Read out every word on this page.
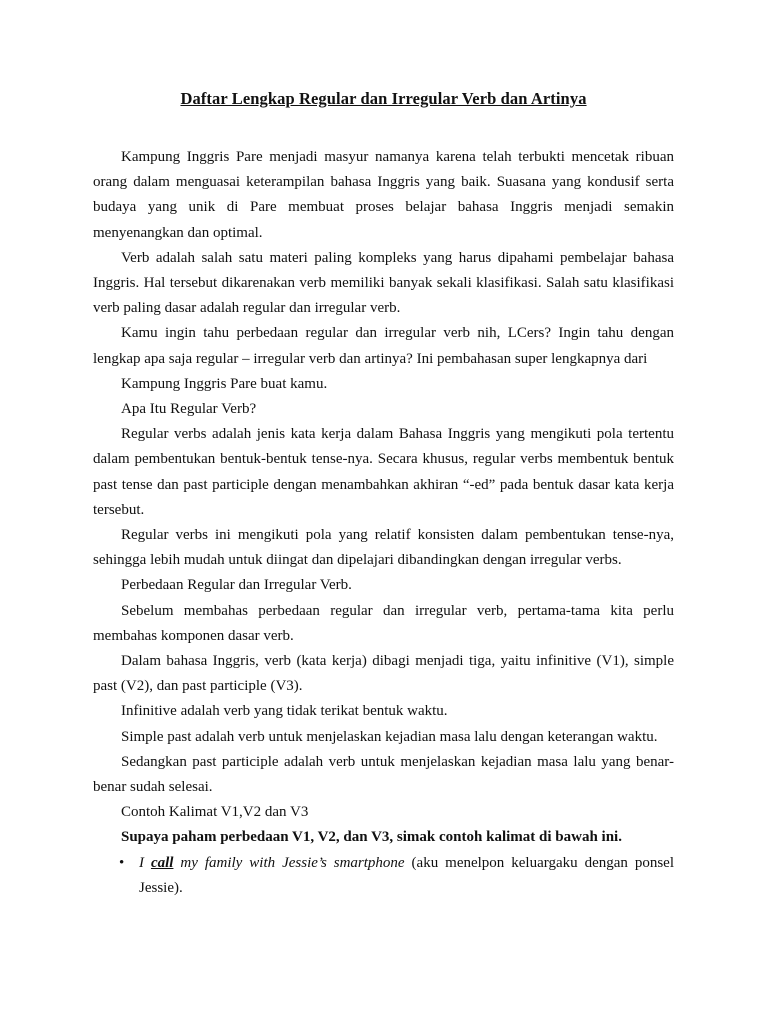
Daftar Lengkap Regular dan Irregular Verb dan Artinya

Kampung Inggris Pare menjadi masyur namanya karena telah terbukti mencetak ribuan orang dalam menguasai keterampilan bahasa Inggris yang baik. Suasana yang kondusif serta budaya yang unik di Pare membuat proses belajar bahasa Inggris menjadi semakin menyenangkan dan optimal.

Verb adalah salah satu materi paling kompleks yang harus dipahami pembelajar bahasa Inggris. Hal tersebut dikarenakan verb memiliki banyak sekali klasifikasi. Salah satu klasifikasi verb paling dasar adalah regular dan irregular verb.

Kamu ingin tahu perbedaan regular dan irregular verb nih, LCers? Ingin tahu dengan lengkap apa saja regular – irregular verb dan artinya? Ini pembahasan super lengkapnya dari

Kampung Inggris Pare buat kamu.

Apa Itu Regular Verb?

Regular verbs adalah jenis kata kerja dalam Bahasa Inggris yang mengikuti pola tertentu dalam pembentukan bentuk-bentuk tense-nya. Secara khusus, regular verbs membentuk bentuk past tense dan past participle dengan menambahkan akhiran “-ed” pada bentuk dasar kata kerja tersebut.

Regular verbs ini mengikuti pola yang relatif konsisten dalam pembentukan tense-nya, sehingga lebih mudah untuk diingat dan dipelajari dibandingkan dengan irregular verbs.

Perbedaan Regular dan Irregular Verb.

Sebelum membahas perbedaan regular dan irregular verb, pertama-tama kita perlu membahas komponen dasar verb.

Dalam bahasa Inggris, verb (kata kerja) dibagi menjadi tiga, yaitu infinitive (V1), simple past (V2), dan past participle (V3).

Infinitive adalah verb yang tidak terikat bentuk waktu.

Simple past adalah verb untuk menjelaskan kejadian masa lalu dengan keterangan waktu.

Sedangkan past participle adalah verb untuk menjelaskan kejadian masa lalu yang benar-benar sudah selesai.

Contoh Kalimat V1,V2 dan V3

Supaya paham perbedaan V1, V2, dan V3, simak contoh kalimat di bawah ini.

• I call my family with Jessie’s smartphone (aku menelpon keluargaku dengan ponsel Jessie).
